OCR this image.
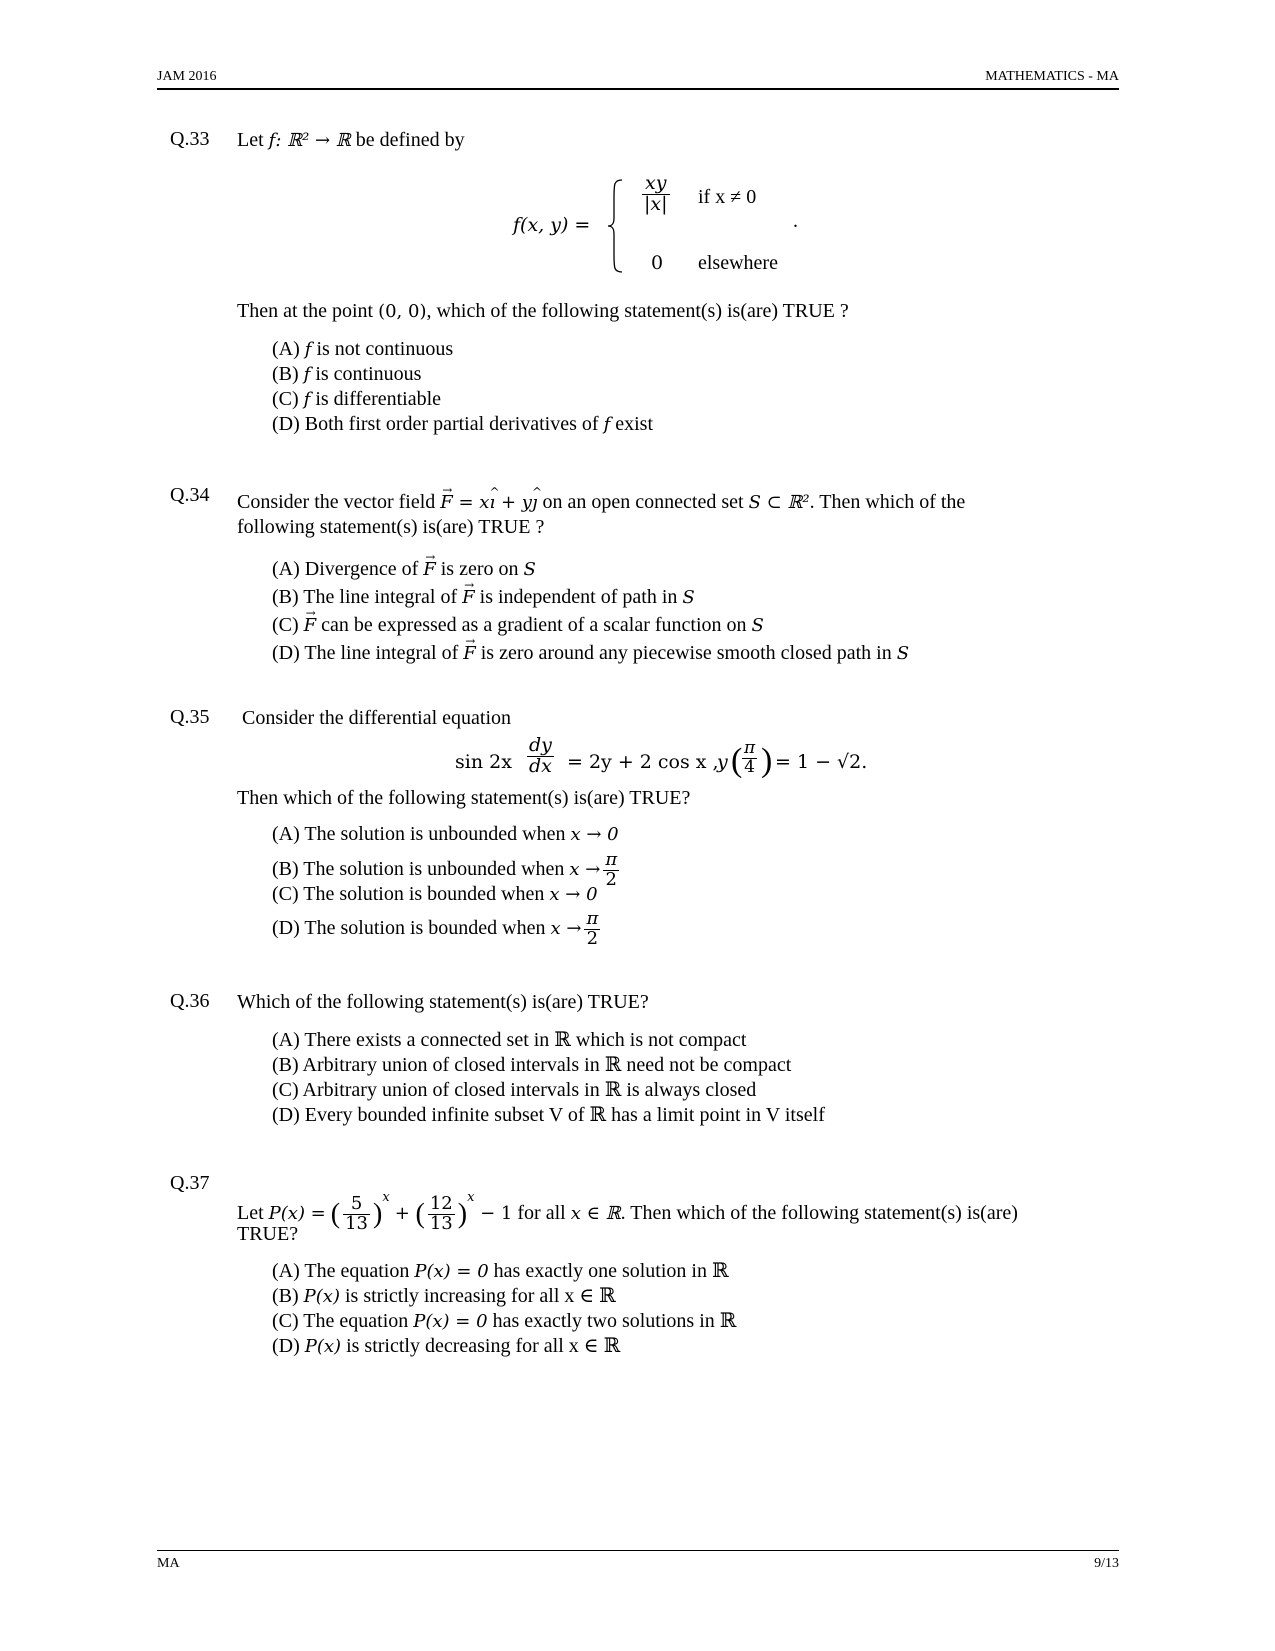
JAM 2016	MATHEMATICS - MA
Q.33 Let f: ℝ² → ℝ be defined by
f(x, y) =
$\frac{xy}{|x|}$ if x ≠ 0
0 elsewhere
.
Then at the point (0, 0), which of the following statement(s) is(are) TRUE ?
(A) f is not continuous
(B) f is continuous
(C) f is differentiable
(D) Both first order partial derivatives of f exist
Q.34 Consider the vector field → F = x^ ı + y^ ȷ on an open connected set S ⊂ ℝ². Then which of the
following statement(s) is(are) TRUE ?
(A) Divergence of → F is zero on S
(B) The line integral of → F is independent of path in S
(C) → F can be expressed as a gradient of a scalar function on S
(D) The line integral of → F is zero around any piecewise smooth closed path in S
Q.35 Consider the differential equation
$\sin 2x \frac{dy}{dx} = 2y + 2$ cos x ,
y ( $\frac{\pi}{4}$ ) = 1 − √2.
Then which of the following statement(s) is(are) TRUE?
(A) The solution is unbounded when x → 0
(B) The solution is unbounded when $x \to \frac{\pi}{2}$
(C) The solution is bounded when x → 0
(D) The solution is bounded when $x \to \frac{\pi}{2}$
Q.36 Which of the following statement(s) is(are) TRUE?
(A) There exists a connected set in ℝ which is not compact
(B) Arbitrary union of closed intervals in ℝ need not be compact
(C) Arbitrary union of closed intervals in ℝ is always closed
(D) Every bounded infinite subset V of ℝ has a limit point in V itself
Q.37
Let P(x) = ( $\frac{5}{13} )^x$ + ( $\frac{12}{13} )^x - 1$ for all x ∈ ℝ. Then which of the following statement(s) is(are)
TRUE?
(A) The equation P(x) = 0 has exactly one solution in ℝ
(B) P(x) is strictly increasing for all x ∈ ℝ
(C) The equation P(x) = 0 has exactly two solutions in ℝ
(D) P(x) is strictly decreasing for all x ∈ ℝ
MA	9/13
